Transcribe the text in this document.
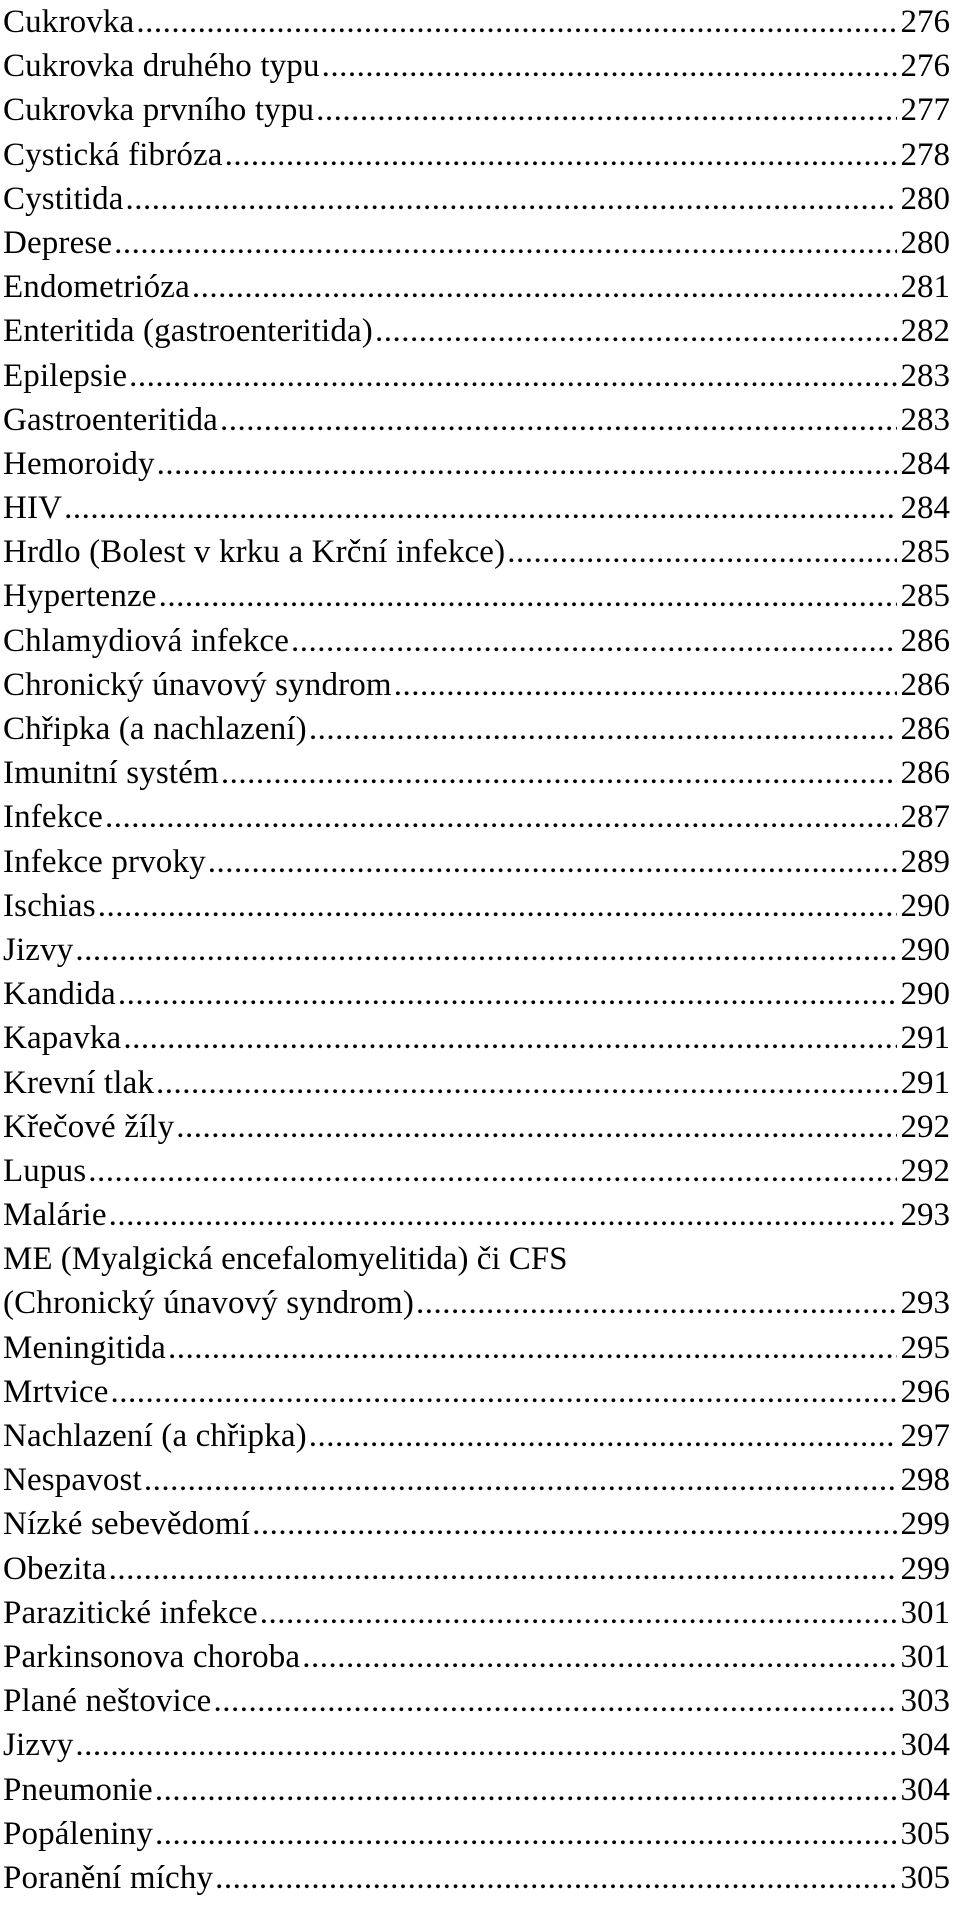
Cukrovka .....	276
Cukrovka druhého typu .....	276
Cukrovka prvního typu .....	277
Cystická fibróza .....	278
Cystitida .....	280
Deprese .....	280
Endometrióza .....	281
Enteritida (gastroenteritida) .....	282
Epilepsie .....	283
Gastroenteritida .....	283
Hemoroidy .....	284
HIV .....	284
Hrdlo (Bolest v krku a Krční infekce) .....	285
Hypertenze .....	285
Chlamydiová infekce .....	286
Chronický únavový syndrom .....	286
Chřipka (a nachlazení) .....	286
Imunitní systém .....	286
Infekce .....	287
Infekce prvoky .....	289
Ischias .....	290
Jizvy .....	290
Kandida .....	290
Kapavka .....	291
Krevní tlak .....	291
Křečové žíly .....	292
Lupus .....	292
Malárie .....	293
ME (Myalgická encefalomyelitida) či CFS
(Chronický únavový syndrom) .....	293
Meningitida .....	295
Mrtvice .....	296
Nachlazení (a chřipka) .....	297
Nespavost .....	298
Nízké sebevědomí .....	299
Obezita .....	299
Parazitické infekce .....	301
Parkinsonova choroba .....	301
Plané neštovice .....	303
Jizvy .....	304
Pneumonie .....	304
Popáleniny .....	305
Poranění míchy .....	305
